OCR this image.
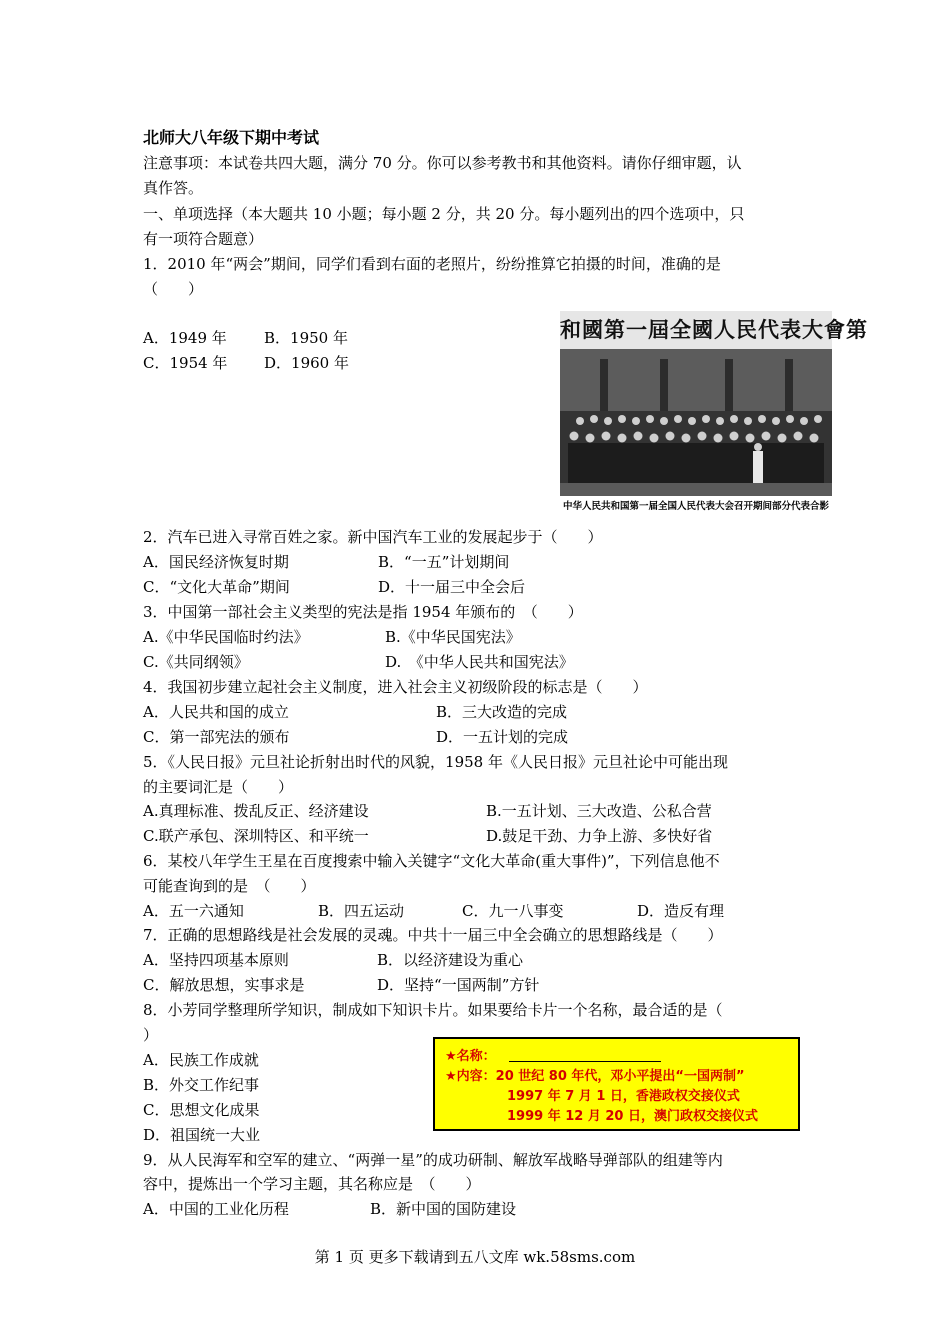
北师大八年级下期中考试
注意事项：本试卷共四大题，满分 70 分。你可以参考教书和其他资料。请你仔细审题，认
真作答。
一、单项选择（本大题共 10 小题；每小题 2 分，共 20 分。每小题列出的四个选项中，只
有一项符合题意）
1．2010 年“两会”期间，同学们看到右面的老照片，纷纷推算它拍摄的时间，准确的是
（　　）
A．1949 年 B．1950 年
C．1954 年 D．1960 年
和國第一屆全國人民代表大會第
中华人民共和国第一届全国人民代表大会召开期间部分代表合影
2．汽车已进入寻常百姓之家。新中国汽车工业的发展起步于（　　）
A．国民经济恢复时期	B．“一五”计划期间
C．“文化大革命”期间	D．十一届三中全会后
3．中国第一部社会主义类型的宪法是指 1954 年颁布的　（　　）
A.《中华民国临时约法》	B.《中华民国宪法》
C.《共同纲领》	D.　《中华人民共和国宪法》
4．我国初步建立起社会主义制度，进入社会主义初级阶段的标志是（　　）
A．人民共和国的成立	B．三大改造的完成
C．第一部宪法的颁布	D．一五计划的完成
5．《人民日报》元旦社论折射出时代的风貌，1958 年《人民日报》元旦社论中可能出现
的主要词汇是（　　）
A.真理标准、拨乱反正、经济建设	B.一五计划、三大改造、公私合营
C.联产承包、深圳特区、和平统一	D.鼓足干劲、力争上游、多快好省
6．某校八年学生王星在百度搜索中输入关键字“文化大革命(重大事件)”，下列信息他不
可能查询到的是　（　　）
A．五一六通知	B．四五运动	C．九一八事变	D．造反有理
7．正确的思想路线是社会发展的灵魂。中共十一届三中全会确立的思想路线是（　　）
A．坚持四项基本原则	B．以经济建设为重心
C．解放思想，实事求是	D．坚持“一国两制”方针
8．小芳同学整理所学知识，制成如下知识卡片。如果要给卡片一个名称，最合适的是（
）
A．民族工作成就
B．外交工作纪事
C．思想文化成果
D．祖国统一大业
★名称：
★内容：20 世纪 80 年代，邓小平提出“一国两制”
1997 年 7 月 1 日，香港政权交接仪式
1999 年 12 月 20 日，澳门政权交接仪式
9．从人民海军和空军的建立、“两弹一星”的成功研制、解放军战略导弹部队的组建等内
容中，提炼出一个学习主题，其名称应是　（　　）
A．中国的工业化历程	B．新中国的国防建设
第 1 页 更多下载请到五八文库 wk.58sms.com
